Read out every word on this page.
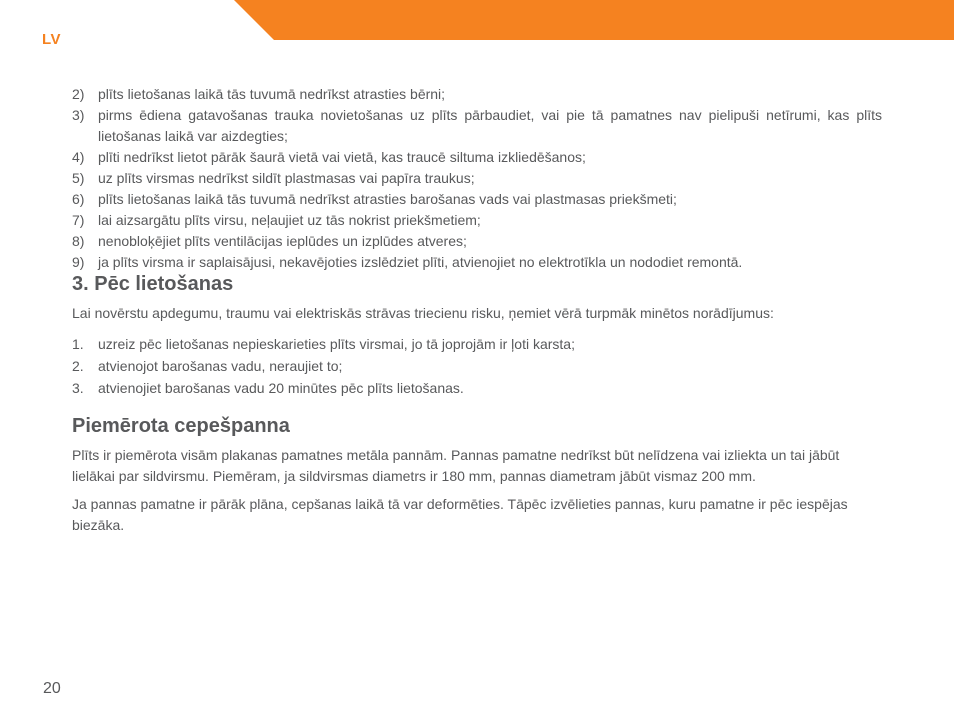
LV
2) plīts lietošanas laikā tās tuvumā nedrīkst atrasties bērni;
3) pirms ēdiena gatavošanas trauka novietošanas uz plīts pārbaudiet, vai pie tā pamatnes nav pielipuši netīrumi, kas plīts lietošanas laikā var aizdegties;
4) plīti nedrīkst lietot pārāk šaurā vietā vai vietā, kas traucē siltuma izkliedēšanos;
5) uz plīts virsmas nedrīkst sildīt plastmasas vai papīra traukus;
6) plīts lietošanas laikā tās tuvumā nedrīkst atrasties barošanas vads vai plastmasas priekšmeti;
7) lai aizsargātu plīts virsu, neļaujiet uz tās nokrist priekšmetiem;
8) nenobloķējiet plīts ventilācijas ieplūdes un izplūdes atveres;
9) ja plīts virsma ir saplaisājusi, nekavējoties izslēdziet plīti, atvienojiet no elektrotīkla un nododiet remontā.
3. Pēc lietošanas

Lai novērstu apdegumu, traumu vai elektriskās strāvas triecienu risku, ņemiet vērā turpmāk minētos norādījumus:

1.	uzreiz pēc lietošanas nepieskarieties plīts virsmai, jo tā joprojām ir ļoti karsta;
2.	atvienojot barošanas vadu, neraujiet to;
3.	atvienojiet barošanas vadu 20 minūtes pēc plīts lietošanas.
Piemērota cepešpanna

Plīts ir piemērota visām plakanas pamatnes metāla pannām. Pannas pamatne nedrīkst būt nelīdzena vai izliekta un tai jābūt lielākai par sildvirsmu. Piemēram, ja sildvirsmas diametrs ir 180 mm, pannas diametram jābūt vismaz 200 mm.

Ja pannas pamatne ir pārāk plāna, cepšanas laikā tā var deformēties. Tāpēc izvēlieties pannas, kuru pamatne ir pēc iespējas biezāka.

20
